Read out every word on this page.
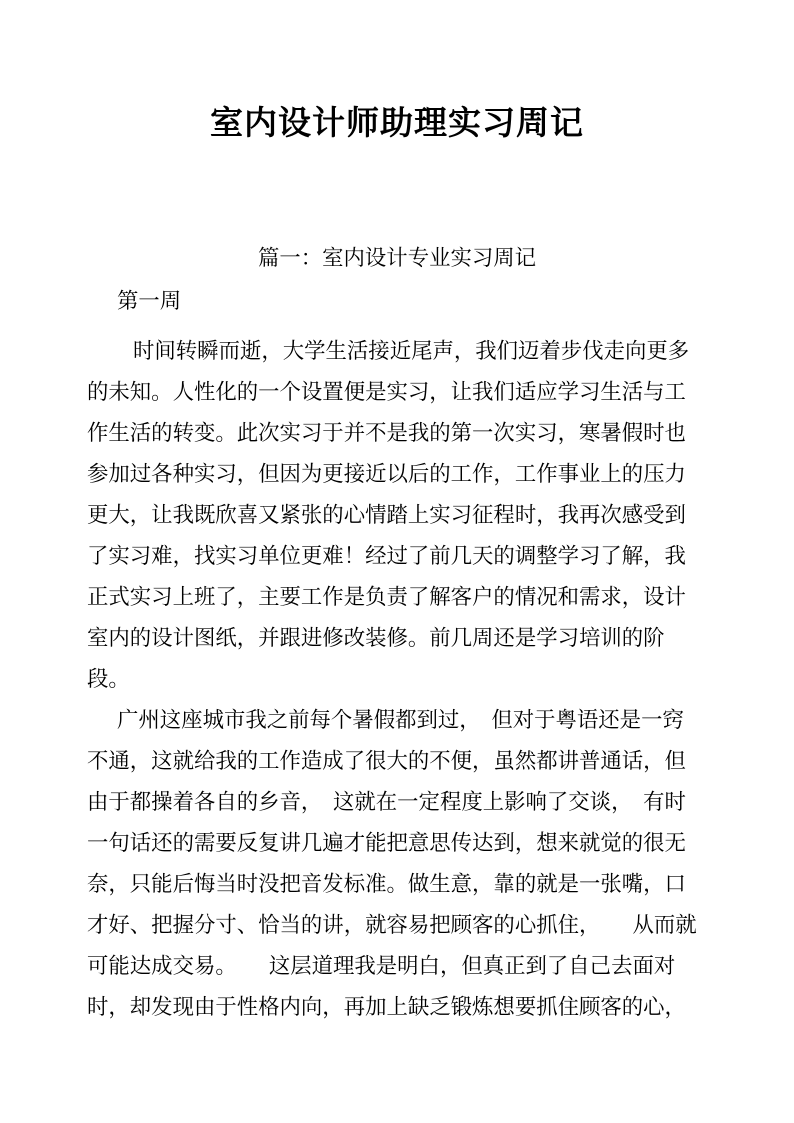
室内设计师助理实习周记
篇一：室内设计专业实习周记
第一周
时间转瞬而逝，大学生活接近尾声，我们迈着步伐走向更多
的未知。人性化的一个设置便是实习，让我们适应学习生活与工
作生活的转变。此次实习于并不是我的第一次实习，寒暑假时也
参加过各种实习，但因为更接近以后的工作，工作事业上的压力
更大，让我既欣喜又紧张的心情踏上实习征程时，我再次感受到
了实习难，找实习单位更难！经过了前几天的调整学习了解，我
正式实习上班了，主要工作是负责了解客户的情况和需求，设计
室内的设计图纸，并跟进修改装修。前几周还是学习培训的阶
段。
广州这座城市我之前每个暑假都到过，　但对于粤语还是一窍
不通，这就给我的工作造成了很大的不便，虽然都讲普通话，但
由于都操着各自的乡音，　这就在一定程度上影响了交谈，　有时
一句话还的需要反复讲几遍才能把意思传达到，想来就觉的很无
奈，只能后悔当时没把音发标准。做生意，靠的就是一张嘴，口
才好、把握分寸、恰当的讲，就容易把顾客的心抓住，　　从而就
可能达成交易。　　这层道理我是明白，但真正到了自己去面对
时，却发现由于性格内向，再加上缺乏锻炼想要抓住顾客的心，
